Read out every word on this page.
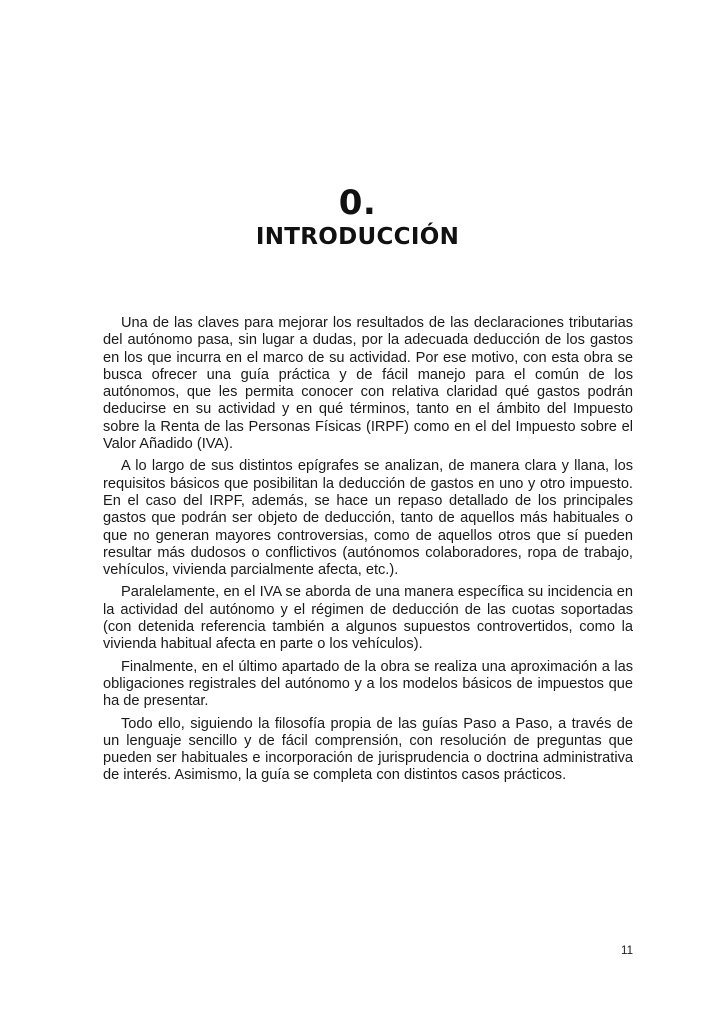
0.
INTRODUCCIÓN

Una de las claves para mejorar los resultados de las declaraciones tributarias del autónomo pasa, sin lugar a dudas, por la adecuada deducción de los gastos en los que incurra en el marco de su actividad. Por ese motivo, con esta obra se busca ofrecer una guía práctica y de fácil manejo para el común de los autónomos, que les permita conocer con relativa claridad qué gastos podrán deducirse en su actividad y en qué términos, tanto en el ámbito del Impuesto sobre la Renta de las Personas Físicas (IRPF) como en el del Impuesto sobre el Valor Añadido (IVA).

A lo largo de sus distintos epígrafes se analizan, de manera clara y llana, los requisitos básicos que posibilitan la deducción de gastos en uno y otro impuesto. En el caso del IRPF, además, se hace un repaso detallado de los principales gastos que podrán ser objeto de deducción, tanto de aquellos más habituales o que no generan mayores controversias, como de aquellos otros que sí pueden resultar más dudosos o conflictivos (autónomos colaboradores, ropa de trabajo, vehículos, vivienda parcialmente afecta, etc.).

Paralelamente, en el IVA se aborda de una manera específica su incidencia en la actividad del autónomo y el régimen de deducción de las cuotas soportadas (con detenida referencia también a algunos supuestos controvertidos, como la vivienda habitual afecta en parte o los vehículos).

Finalmente, en el último apartado de la obra se realiza una aproximación a las obligaciones registrales del autónomo y a los modelos básicos de impuestos que ha de presentar.

Todo ello, siguiendo la filosofía propia de las guías Paso a Paso, a través de un lenguaje sencillo y de fácil comprensión, con resolución de preguntas que pueden ser habituales e incorporación de jurisprudencia o doctrina administrativa de interés. Asimismo, la guía se completa con distintos casos prácticos.

11
